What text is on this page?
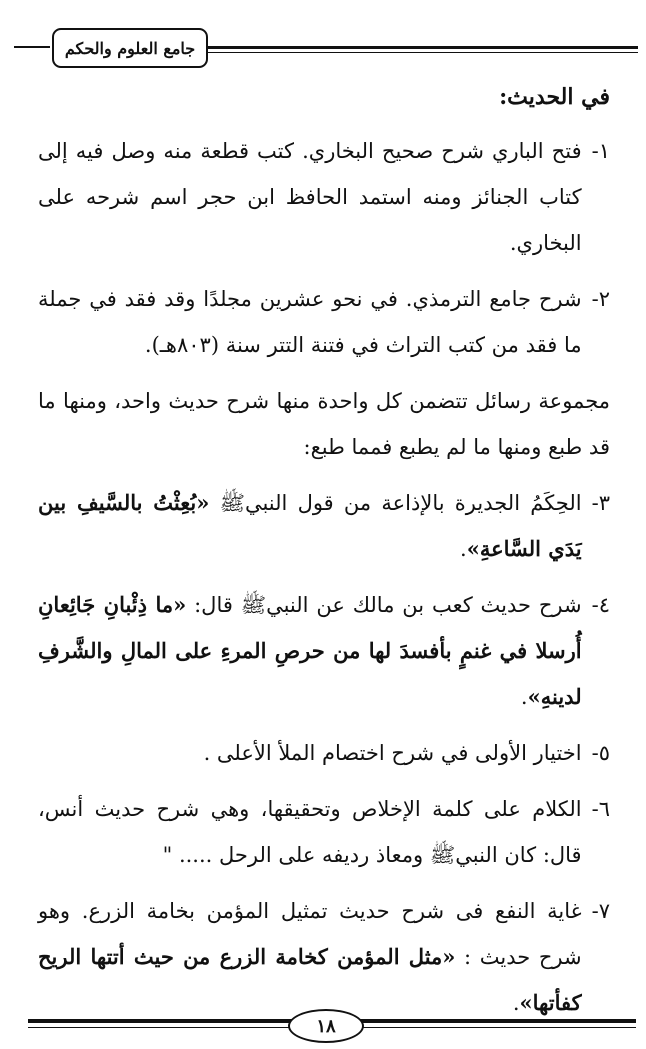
جامع العلوم والحكم
في الحديث:
١-
فتح الباري شرح صحيح البخاري. كتب قطعة منه وصل فيه إلى كتاب الجنائز ومنه استمد الحافظ ابن حجر اسم شرحه على البخاري.
٢-
شرح جامع الترمذي. في نحو عشرين مجلدًا وقد فقد في جملة ما فقد من كتب التراث في فتنة التتر سنة (٨٠٣هـ).
مجموعة رسائل تتضمن كل واحدة منها شرح حديث واحد، ومنها ما قد طبع ومنها ما لم يطبع فمما طبع:
٣-
الحِكَمُ الجديرة بالإذاعة من قول النبيﷺ «بُعِثْتُ بالسَّيفِ بين يَدَي السَّاعةِ».
٤-
شرح حديث كعب بن مالك عن النبيﷺ قال: «ما ذِئْبانِ جَائِعانِ أُرسلا في غنمٍ بأفسدَ لها من حرصِ المرءِ على المالِ والشَّرفِ لدينهِ».
٥-
اختيار الأولى في شرح اختصام الملأ الأعلى .
٦-
الكلام على كلمة الإخلاص وتحقيقها، وهي شرح حديث أنس، قال: كان النبيﷺ ومعاذ رديفه على الرحل ..... "
٧-
غاية النفع فى شرح حديث تمثيل المؤمن بخامة الزرع. وهو شرح حديث : «مثل المؤمن كخامة الزرع من حيث أتتها الريح كفأتها».
١٨
